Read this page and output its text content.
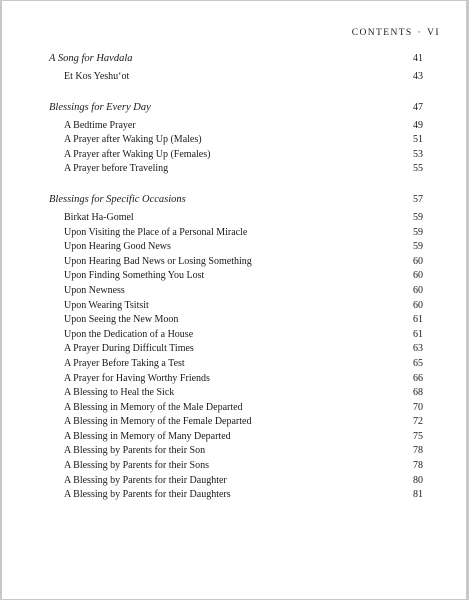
CONTENTS · VI
A Song for Havdala	41
Et Kos Yeshu‘ot	43
Blessings for Every Day	47
A Bedtime Prayer	49
A Prayer after Waking Up (Males)	51
A Prayer after Waking Up (Females)	53
A Prayer before Traveling	55
Blessings for Specific Occasions	57
Birkat Ha-Gomel	59
Upon Visiting the Place of a Personal Miracle	59
Upon Hearing Good News	59
Upon Hearing Bad News or Losing Something	60
Upon Finding Something You Lost	60
Upon Newness	60
Upon Wearing Tsitsit	60
Upon Seeing the New Moon	61
Upon the Dedication of a House	61
A Prayer During Difficult Times	63
A Prayer Before Taking a Test	65
A Prayer for Having Worthy Friends	66
A Blessing to Heal the Sick	68
A Blessing in Memory of the Male Departed	70
A Blessing in Memory of the Female Departed	72
A Blessing in Memory of Many Departed	75
A Blessing by Parents for their Son	78
A Blessing by Parents for their Sons	78
A Blessing by Parents for their Daughter	80
A Blessing by Parents for their Daughters	81
